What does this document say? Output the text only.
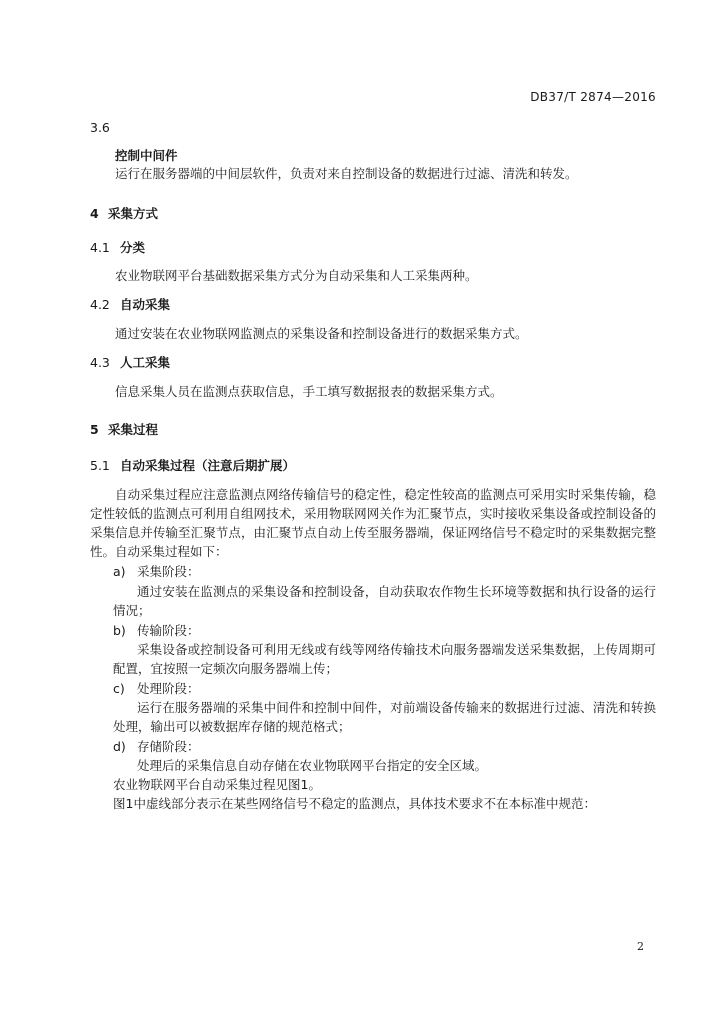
DB37/T 2874—2016
3.6
控制中间件
运行在服务器端的中间层软件，负责对来自控制设备的数据进行过滤、清洗和转发。
4 采集方式
4.1 分类
农业物联网平台基础数据采集方式分为自动采集和人工采集两种。
4.2 自动采集
通过安装在农业物联网监测点的采集设备和控制设备进行的数据采集方式。
4.3 人工采集
信息采集人员在监测点获取信息，手工填写数据报表的数据采集方式。
5 采集过程
5.1 自动采集过程（注意后期扩展）
自动采集过程应注意监测点网络传输信号的稳定性，稳定性较高的监测点可采用实时采集传输，稳
定性较低的监测点可利用自组网技术，采用物联网网关作为汇聚节点，实时接收采集设备或控制设备的
采集信息并传输至汇聚节点，由汇聚节点自动上传至服务器端，保证网络信号不稳定时的采集数据完整
性。自动采集过程如下：
a) 采集阶段：
通过安装在监测点的采集设备和控制设备，自动获取农作物生长环境等数据和执行设备的运行
情况；
b) 传输阶段：
采集设备或控制设备可利用无线或有线等网络传输技术向服务器端发送采集数据，上传周期可
配置，宜按照一定频次向服务器端上传；
c) 处理阶段：
运行在服务器端的采集中间件和控制中间件，对前端设备传输来的数据进行过滤、清洗和转换
处理，输出可以被数据库存储的规范格式；
d) 存储阶段：
处理后的采集信息自动存储在农业物联网平台指定的安全区域。
农业物联网平台自动采集过程见图1。
图1中虚线部分表示在某些网络信号不稳定的监测点，具体技术要求不在本标准中规范：
2
